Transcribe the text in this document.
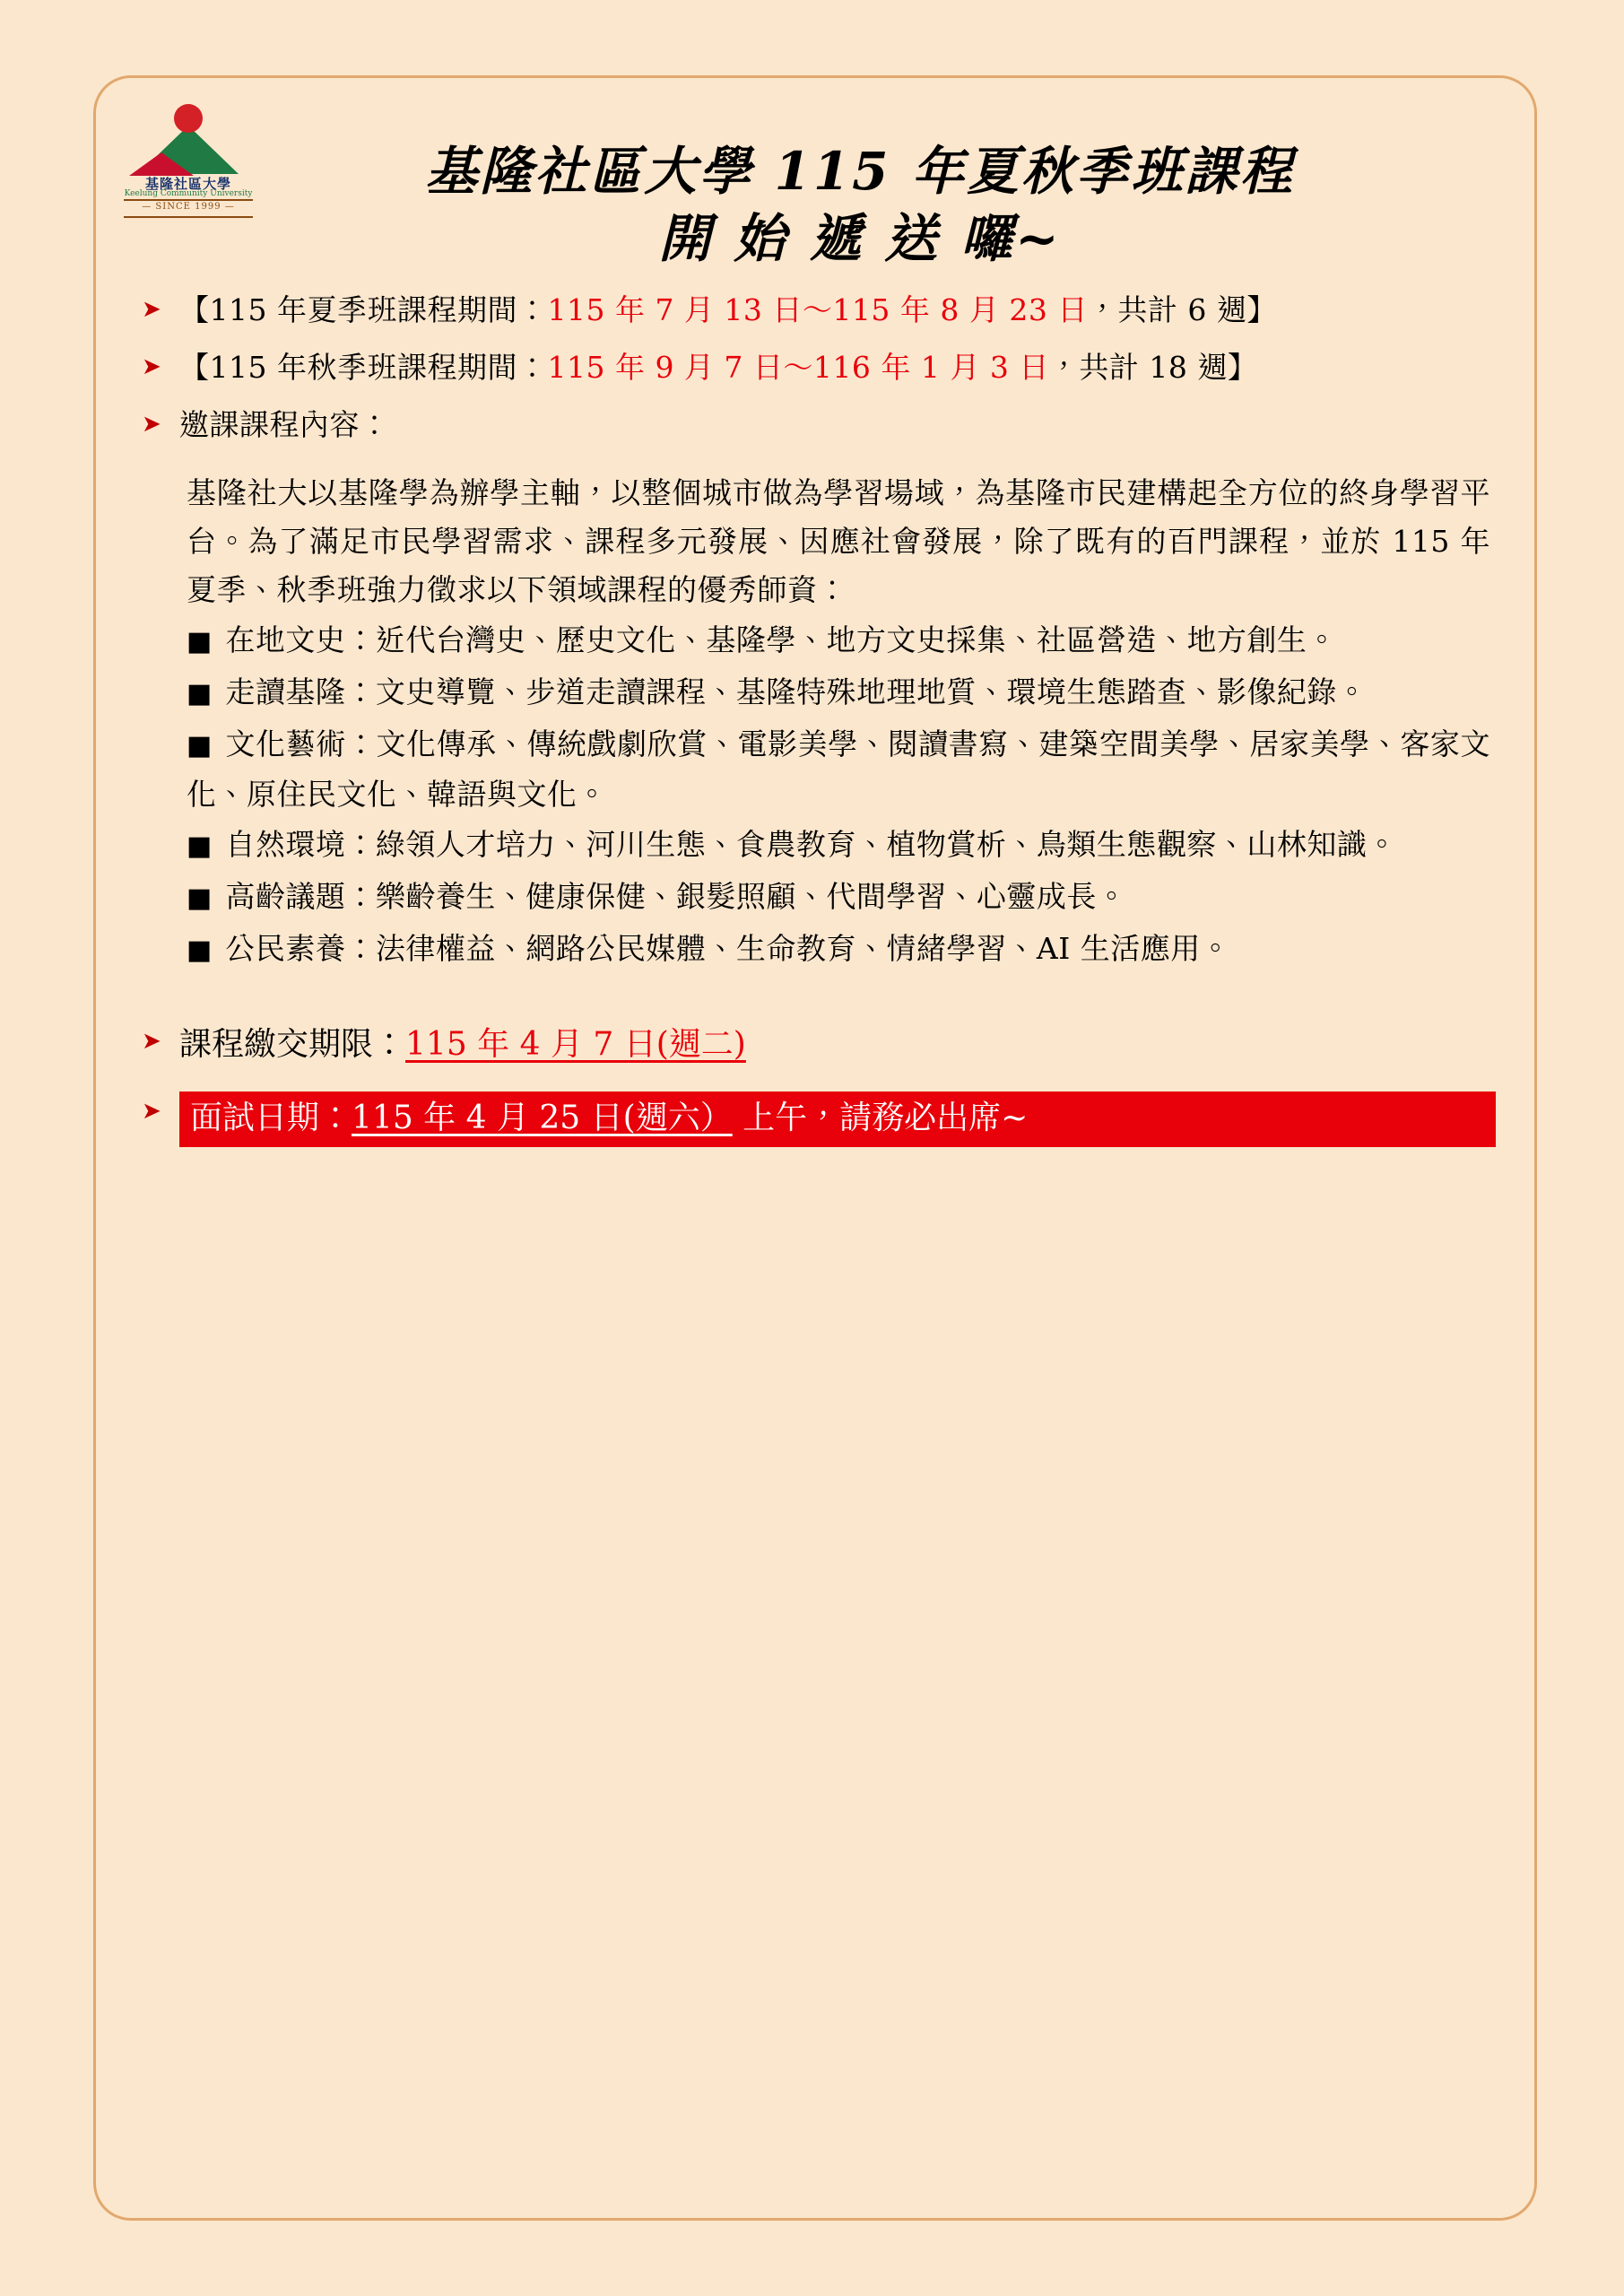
基隆社區大學
Keelung Community University
— SINCE 1999 —
基隆社區大學 115 年夏秋季班課程
開 始 遞 送 囉~
➤ 【115 年夏季班課程期間：115 年 7 月 13 日～115 年 8 月 23 日，共計 6 週】
➤ 【115 年秋季班課程期間：115 年 9 月 7 日～116 年 1 月 3 日，共計 18 週】
➤ 邀課課程內容：

基隆社大以基隆學為辦學主軸，以整個城市做為學習場域，為基隆市民建構起全方位的終身學習平台。為了滿足市民學習需求、課程多元發展、因應社會發展，除了既有的百門課程，並於 115 年夏季、秋季班強力徵求以下領域課程的優秀師資：

■ 在地文史：近代台灣史、歷史文化、基隆學、地方文史採集、社區營造、地方創生。

■ 走讀基隆：文史導覽、步道走讀課程、基隆特殊地理地質、環境生態踏查、影像紀錄。

■ 文化藝術：文化傳承、傳統戲劇欣賞、電影美學、閱讀書寫、建築空間美學、居家美學、客家文化、原住民文化、韓語與文化。

■ 自然環境：綠領人才培力、河川生態、食農教育、植物賞析、鳥類生態觀察、山林知識。

■ 高齡議題：樂齡養生、健康保健、銀髮照顧、代間學習、心靈成長。

■ 公民素養：法律權益、網路公民媒體、生命教育、情緒學習、AI 生活應用。

➤ 課程繳交期限：115 年 4 月 7 日(週二)
➤ 面試日期：115 年 4 月 25 日(週六） 上午，請務必出席~
